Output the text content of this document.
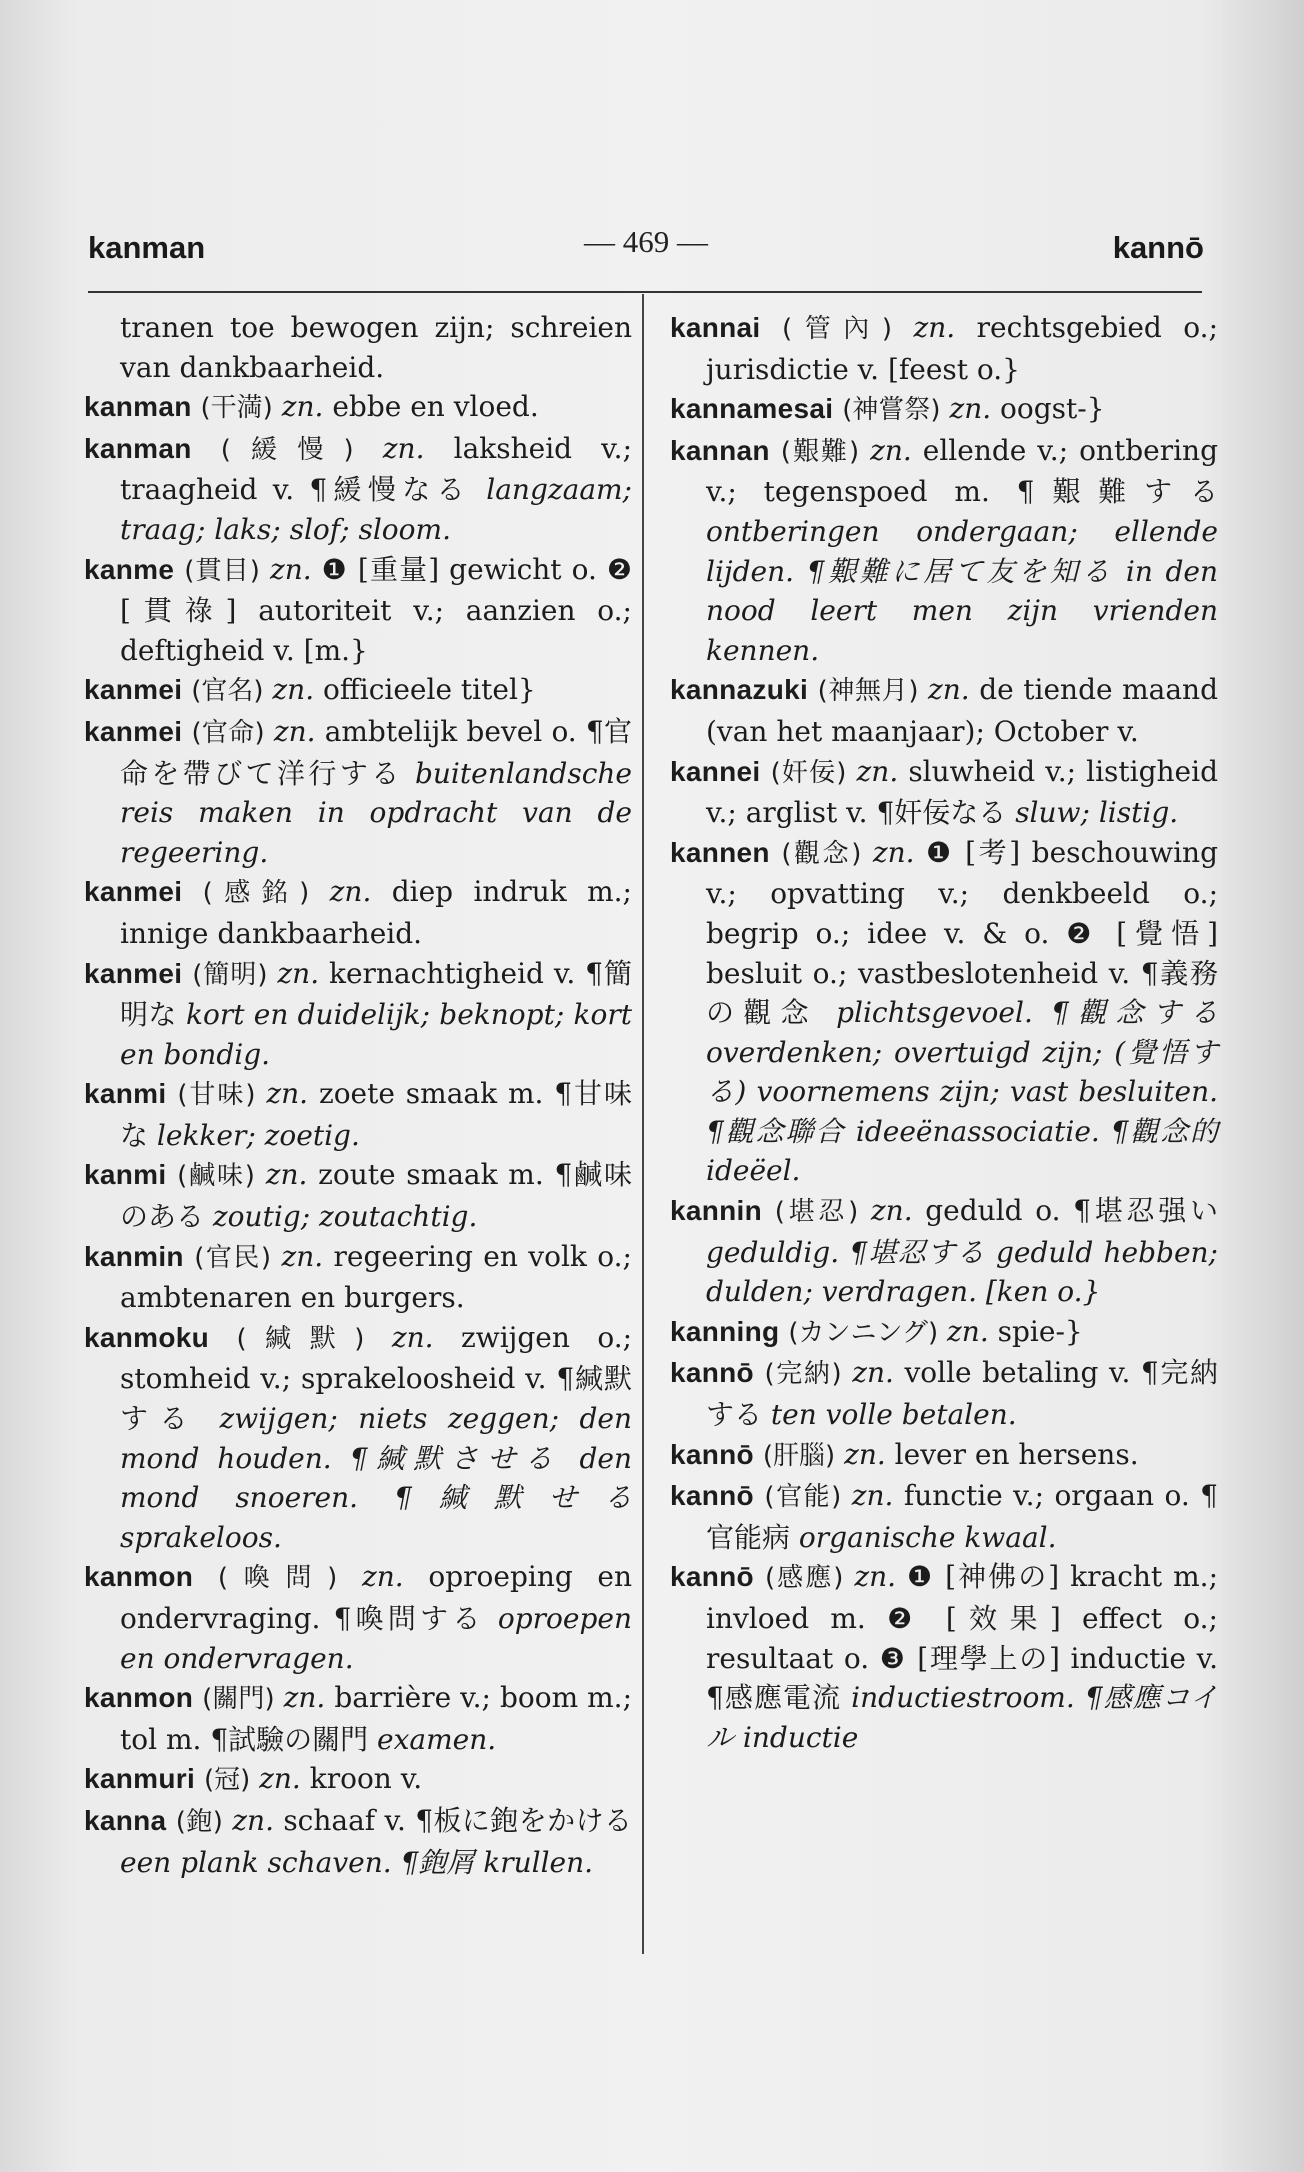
kanman	— 469 —	kannō

tranen toe bewogen zijn; schreien van dankbaarheid.

kanman (干満) zn. ebbe en vloed.

kanman (緩慢) zn. laksheid v.; traagheid v. ¶緩慢なる langzaam; traag; laks; slof; sloom.

kanme (貫目) zn. ❶ [重量] gewicht o. ❷ [貫祿] autoriteit v.; aanzien o.; deftigheid v. [m.}

kanmei (官名) zn. officieele titel}

kanmei (官命) zn. ambtelijk bevel o. ¶官命を帶びて洋行する buitenlandsche reis maken in opdracht van de regeering.

kanmei (感銘) zn. diep indruk m.; innige dankbaarheid.

kanmei (簡明) zn. kernachtigheid v. ¶簡明な kort en duidelijk; beknopt; kort en bondig.

kanmi (甘味) zn. zoete smaak m. ¶甘味な lekker; zoetig.

kanmi (鹹味) zn. zoute smaak m. ¶鹹味のある zoutig; zoutachtig.

kanmin (官民) zn. regeering en volk o.; ambtenaren en burgers.

kanmoku (緘默) zn. zwijgen o.; stomheid v.; sprakeloosheid v. ¶緘默する zwijgen; niets zeggen; den mond houden. ¶緘默させる den mond snoeren. ¶緘默せる sprakeloos.

kanmon (喚問) zn. oproeping en ondervraging. ¶喚問する oproepen en ondervragen.

kanmon (關門) zn. barrière v.; boom m.; tol m. ¶試驗の關門 examen.

kanmuri (冠) zn. kroon v.

kanna (鉋) zn. schaaf v. ¶板に鉋をかける een plank schaven. ¶鉋屑 krullen.

kannai (管內) zn. rechtsgebied o.; jurisdictie v. [feest o.}

kannamesai (神嘗祭) zn. oogst-}

kannan (艱難) zn. ellende v.; ontbering v.; tegenspoed m. ¶艱難する ontberingen ondergaan; ellende lijden. ¶艱難に居て友を知る in den nood leert men zijn vrienden kennen.

kannazuki (神無月) zn. de tiende maand (van het maanjaar); October v.

kannei (奸佞) zn. sluwheid v.; listigheid v.; arglist v. ¶奸佞なる sluw; listig.

kannen (觀念) zn. ❶ [考] beschouwing v.; opvatting v.; denkbeeld o.; begrip o.; idee v. & o. ❷ [覺悟] besluit o.; vastbeslotenheid v. ¶義務の觀念 plichtsgevoel. ¶觀念する overdenken; overtuigd zijn; (覺悟する) voornemens zijn; vast besluiten. ¶觀念聯合 ideeënassociatie. ¶觀念的 ideëel.

kannin (堪忍) zn. geduld o. ¶堪忍强い geduldig. ¶堪忍する geduld hebben; dulden; verdragen. [ken o.}

kanning (カンニング) zn. spie-}

kannō (完納) zn. volle betaling v. ¶完納する ten volle betalen.

kannō (肝腦) zn. lever en hersens.

kannō (官能) zn. functie v.; orgaan o. ¶官能病 organische kwaal.

kannō (感應) zn. ❶ [神佛の] kracht m.; invloed m. ❷ [效果] effect o.; resultaat o. ❸ [理學上の] inductie v. ¶感應電流 inductiestroom. ¶感應コイル inductie
